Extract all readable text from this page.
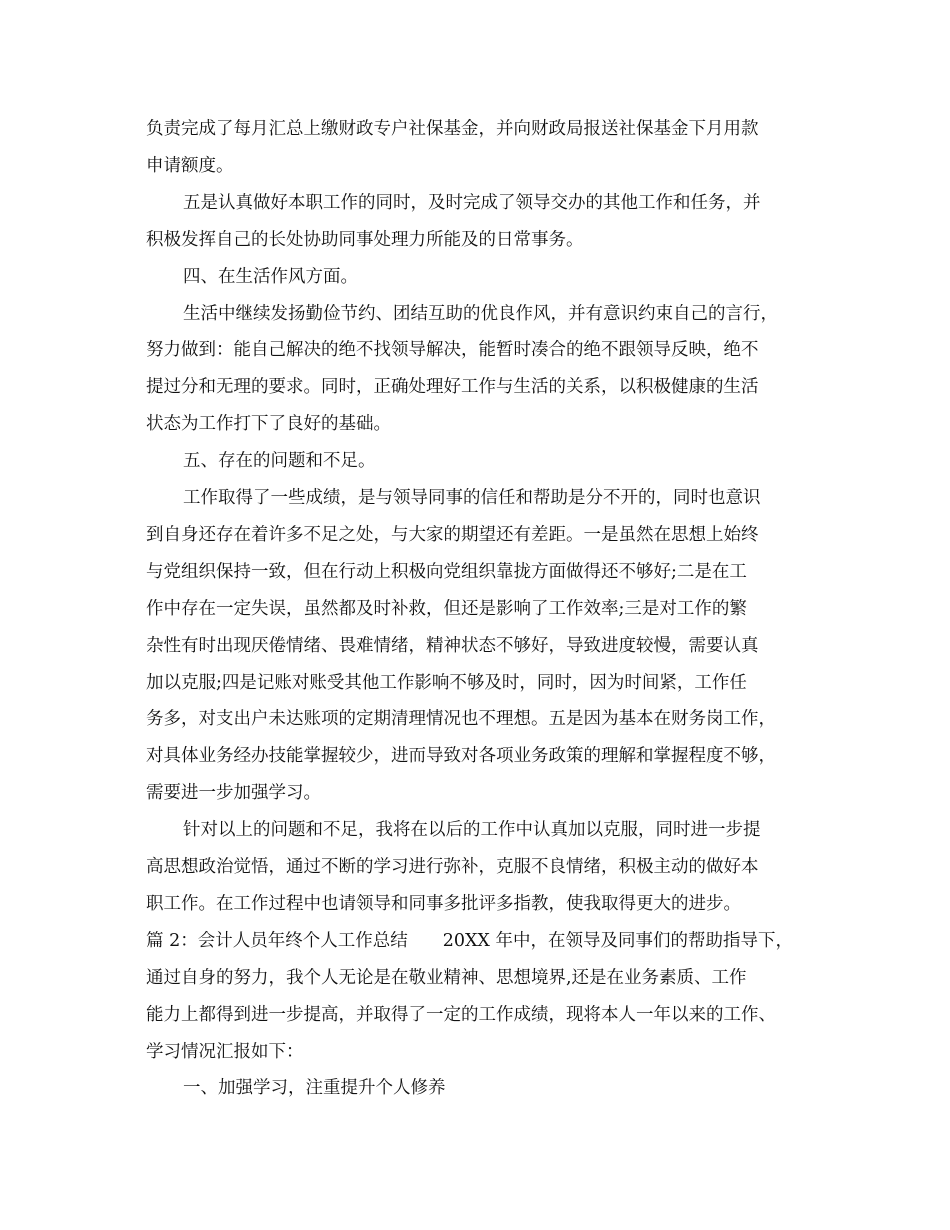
负责完成了每月汇总上缴财政专户社保基金，并向财政局报送社保基金下月用款
申请额度。
五是认真做好本职工作的同时，及时完成了领导交办的其他工作和任务，并
积极发挥自己的长处协助同事处理力所能及的日常事务。
四、在生活作风方面。
生活中继续发扬勤俭节约、团结互助的优良作风，并有意识约束自己的言行，
努力做到：能自己解决的绝不找领导解决，能暂时凑合的绝不跟领导反映，绝不
提过分和无理的要求。同时，正确处理好工作与生活的关系，以积极健康的生活
状态为工作打下了良好的基础。
五、存在的问题和不足。
工作取得了一些成绩，是与领导同事的信任和帮助是分不开的，同时也意识
到自身还存在着许多不足之处，与大家的期望还有差距。一是虽然在思想上始终
与党组织保持一致，但在行动上积极向党组织靠拢方面做得还不够好;二是在工
作中存在一定失误，虽然都及时补救，但还是影响了工作效率;三是对工作的繁
杂性有时出现厌倦情绪、畏难情绪，精神状态不够好，导致进度较慢，需要认真
加以克服;四是记账对账受其他工作影响不够及时，同时，因为时间紧，工作任
务多，对支出户未达账项的定期清理情况也不理想。五是因为基本在财务岗工作，
对具体业务经办技能掌握较少，进而导致对各项业务政策的理解和掌握程度不够，
需要进一步加强学习。
针对以上的问题和不足，我将在以后的工作中认真加以克服，同时进一步提
高思想政治觉悟，通过不断的学习进行弥补，克服不良情绪，积极主动的做好本
职工作。在工作过程中也请领导和同事多批评多指教，使我取得更大的进步。
篇 2：会计人员年终个人工作总结　　20XX 年中，在领导及同事们的帮助指导下，
通过自身的努力，我个人无论是在敬业精神、思想境界,还是在业务素质、工作
能力上都得到进一步提高，并取得了一定的工作成绩，现将本人一年以来的工作、
学习情况汇报如下：
一、加强学习，注重提升个人修养
